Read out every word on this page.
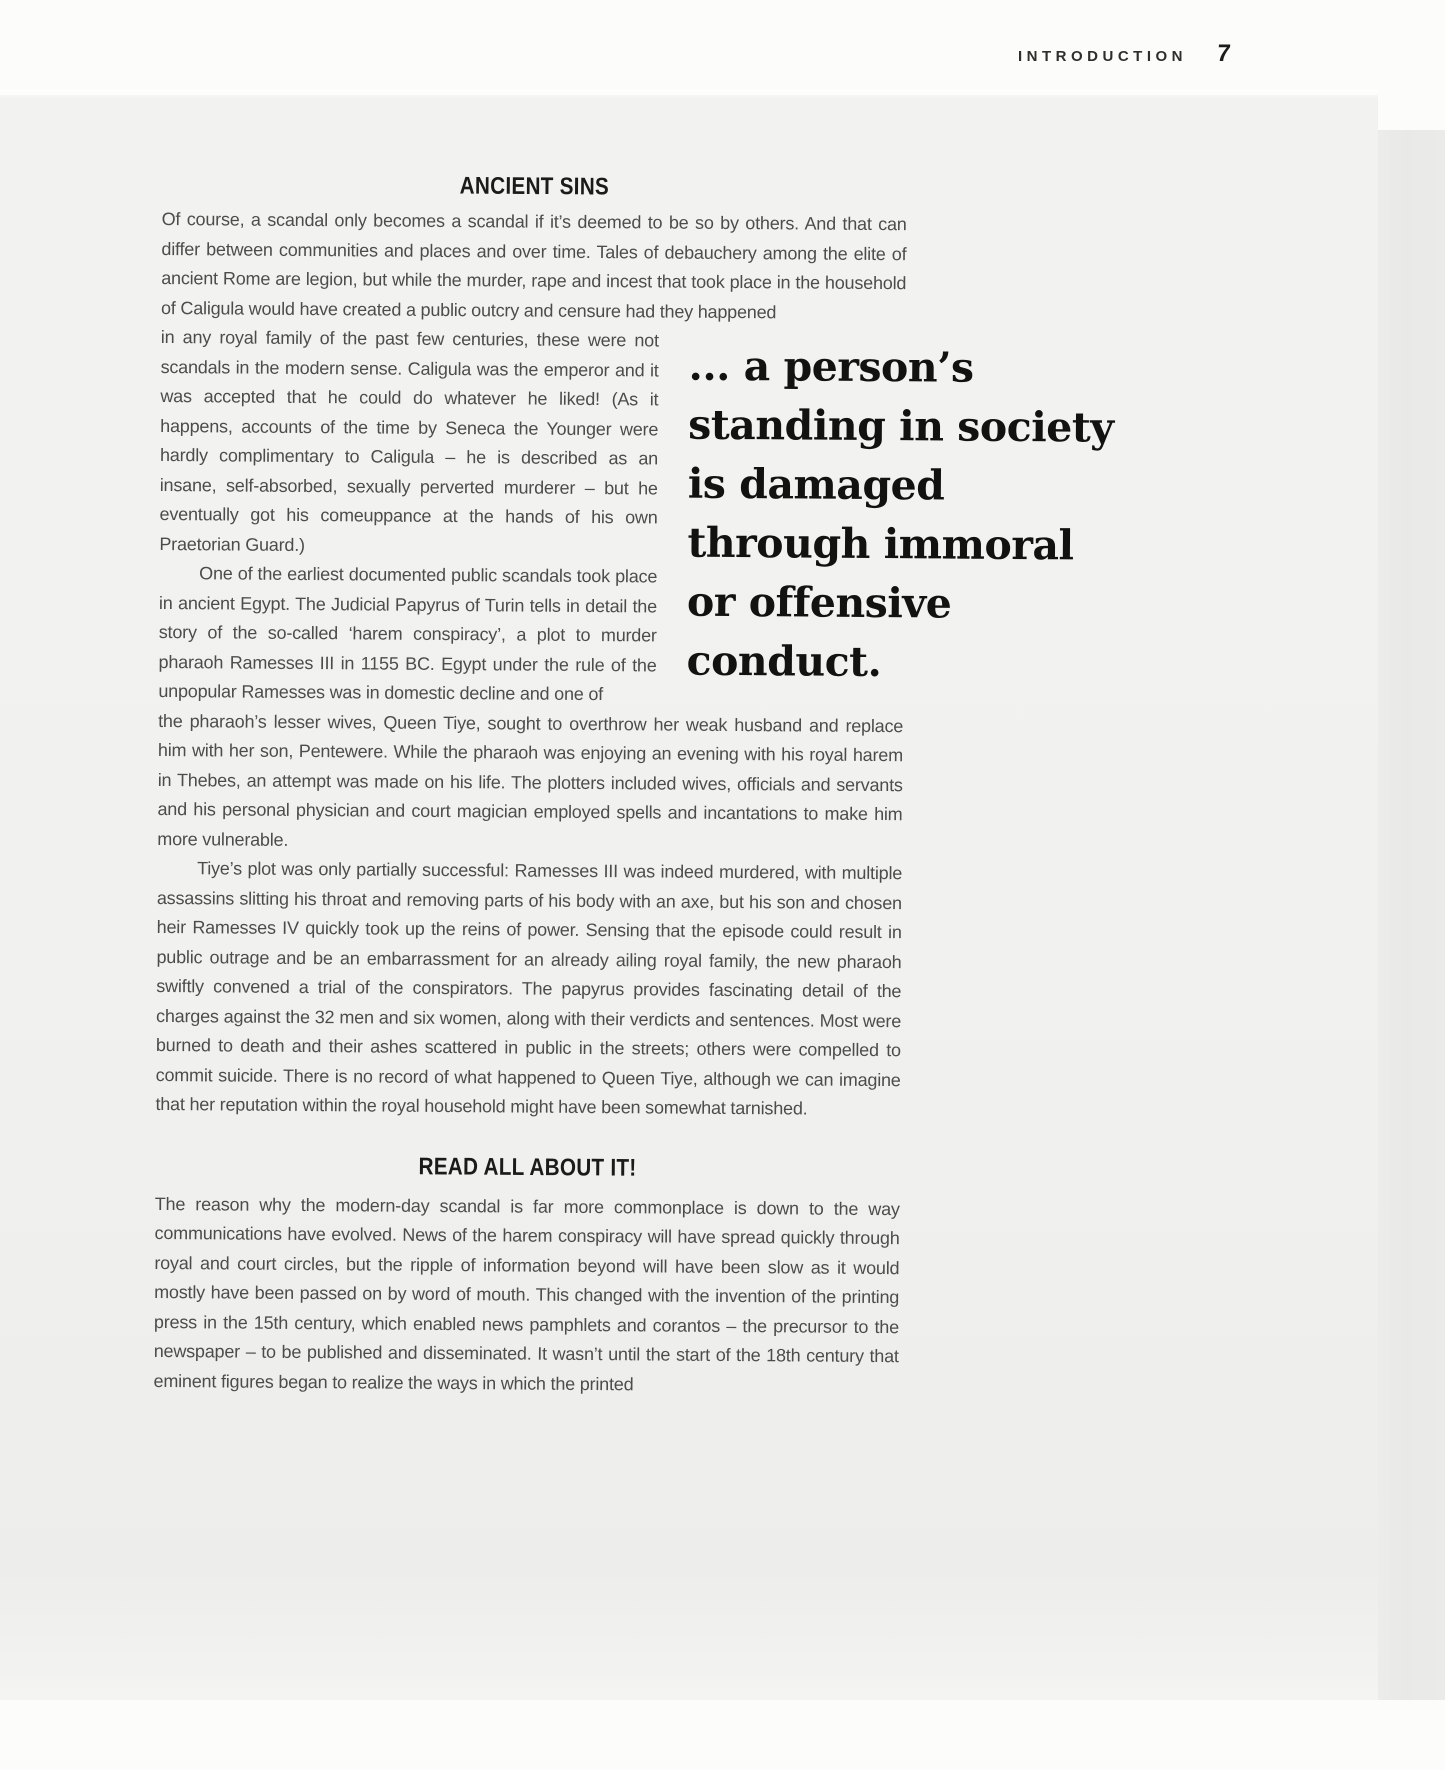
INTRODUCTION 7
ANCIENT SINS

Of course, a scandal only becomes a scandal if it’s deemed to be so by others. And that can differ between communities and places and over time. Tales of debauchery among the elite of ancient Rome are legion, but while the murder, rape and incest that took place in the household of Caligula would have created a public outcry and censure had they happened

in any royal family of the past few centuries, these were not scandals in the modern sense. Caligula was the emperor and it was accepted that he could do whatever he liked! (As it happens, accounts of the time by Seneca the Younger were hardly complimentary to Caligula – he is described as an insane, self-absorbed, sexually perverted murderer – but he eventually got his comeuppance at the hands of his own Praetorian Guard.)

One of the earliest documented public scandals took place in ancient Egypt. The Judicial Papyrus of Turin tells in detail the story of the so-called ‘harem conspiracy’, a plot to murder pharaoh Ramesses III in 1155 BC. Egypt under the rule of the unpopular Ramesses was in domestic decline and one of

... a person’s
standing in society
is damaged
through immoral
or offensive
conduct.

the pharaoh’s lesser wives, Queen Tiye, sought to overthrow her weak husband and replace him with her son, Pentewere. While the pharaoh was enjoying an evening with his royal harem in Thebes, an attempt was made on his life. The plotters included wives, officials and servants and his personal physician and court magician employed spells and incantations to make him more vulnerable.

Tiye’s plot was only partially successful: Ramesses III was indeed murdered, with multiple assassins slitting his throat and removing parts of his body with an axe, but his son and chosen heir Ramesses IV quickly took up the reins of power. Sensing that the episode could result in public outrage and be an embarrassment for an already ailing royal family, the new pharaoh swiftly convened a trial of the conspirators. The papyrus provides fascinating detail of the charges against the 32 men and six women, along with their verdicts and sentences. Most were burned to death and their ashes scattered in public in the streets; others were compelled to commit suicide. There is no record of what happened to Queen Tiye, although we can imagine that her reputation within the royal household might have been somewhat tarnished.

READ ALL ABOUT IT!

The reason why the modern-day scandal is far more commonplace is down to the way communications have evolved. News of the harem conspiracy will have spread quickly through royal and court circles, but the ripple of information beyond will have been slow as it would mostly have been passed on by word of mouth. This changed with the invention of the printing press in the 15th century, which enabled news pamphlets and corantos – the precursor to the newspaper – to be published and disseminated. It wasn’t until the start of the 18th century that eminent figures began to realize the ways in which the printed
